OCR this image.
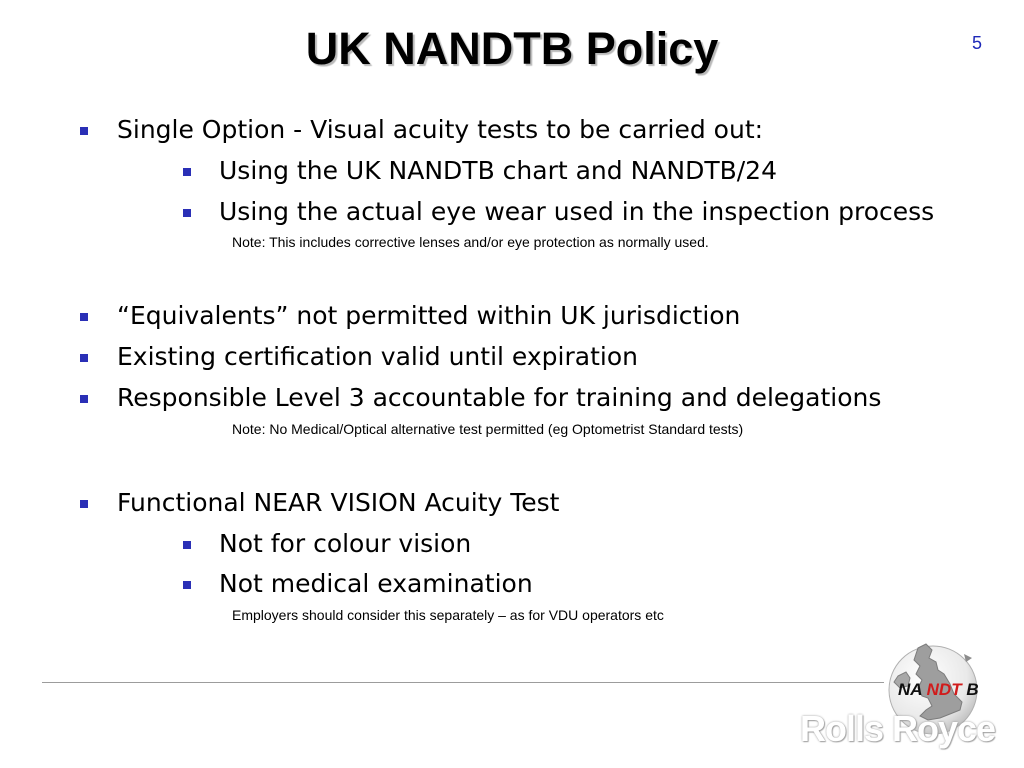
UK NANDTB Policy	5
Single Option - Visual acuity tests to be carried out:
Using the UK NANDTB chart and NANDTB/24
Using the actual eye wear used in the inspection process
Note: This includes corrective lenses and/or eye protection as normally used.
“Equivalents” not permitted within UK jurisdiction
Existing certification valid until expiration
Responsible Level 3 accountable for training and delegations
Note: No Medical/Optical alternative test permitted (eg Optometrist Standard tests)
Functional NEAR VISION Acuity Test
Not for colour vision
Not medical examination
Employers should consider this separately – as for VDU operators etc
NA NDT B
Rolls Royce
